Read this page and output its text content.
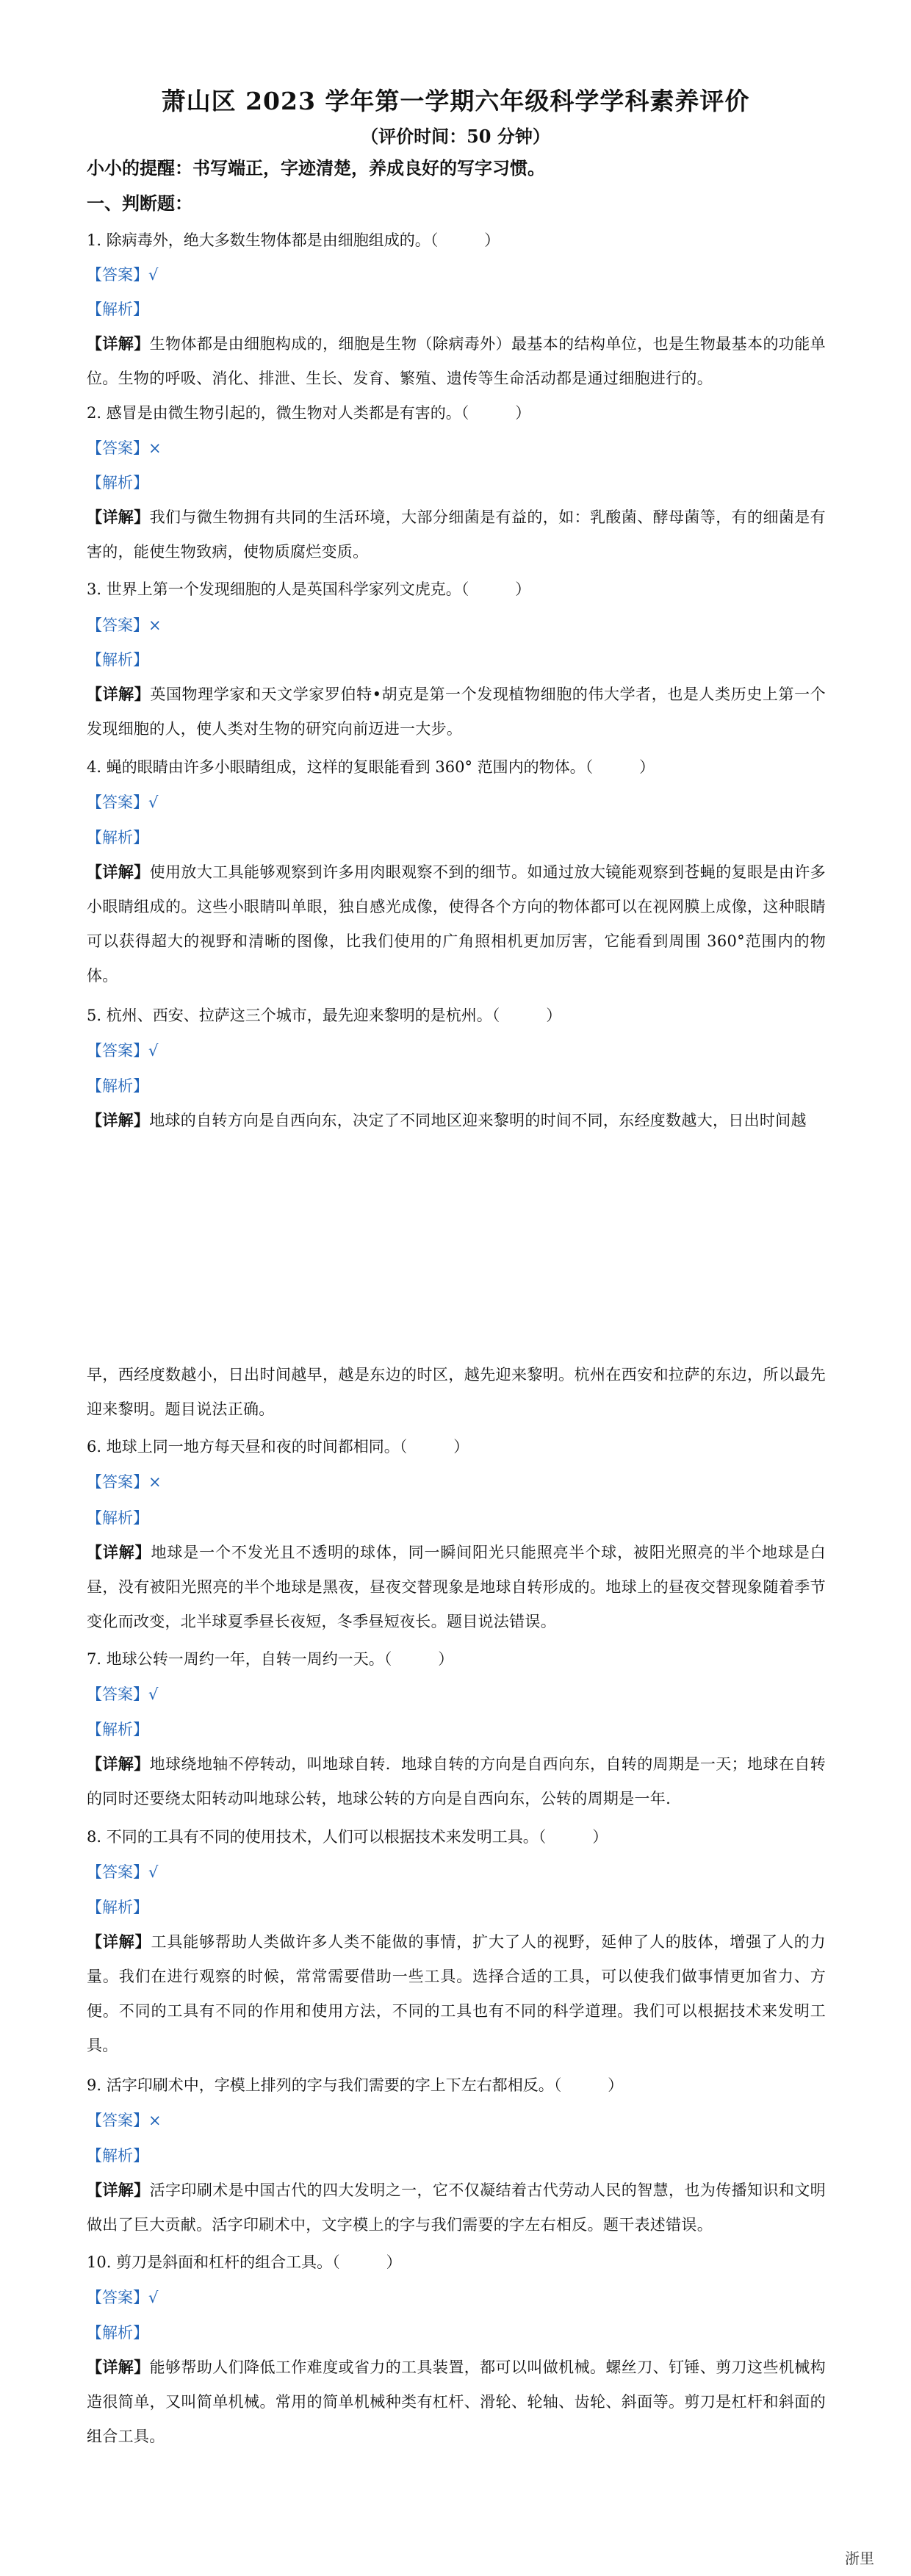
萧山区 2023 学年第一学期六年级科学学科素养评价
（评价时间：50 分钟）
小小的提醒：书写端正，字迹清楚，养成良好的写字习惯。
一、判断题：
1. 除病毒外，绝大多数生物体都是由细胞组成的。（　　　）
【答案】√
【解析】
【详解】生物体都是由细胞构成的，细胞是生物（除病毒外）最基本的结构单位，也是生物最基本的功能单位。生物的呼吸、消化、排泄、生长、发育、繁殖、遗传等生命活动都是通过细胞进行的。
2. 感冒是由微生物引起的，微生物对人类都是有害的。（　　　）
【答案】×
【解析】
【详解】我们与微生物拥有共同的生活环境，大部分细菌是有益的，如：乳酸菌、酵母菌等，有的细菌是有害的，能使生物致病，使物质腐烂变质。
3. 世界上第一个发现细胞的人是英国科学家列文虎克。（　　　）
【答案】×
【解析】
【详解】英国物理学家和天文学家罗伯特•胡克是第一个发现植物细胞的伟大学者，也是人类历史上第一个发现细胞的人，使人类对生物的研究向前迈进一大步。
4. 蝇的眼睛由许多小眼睛组成，这样的复眼能看到 360° 范围内的物体。（　　　）
【答案】√
【解析】
【详解】使用放大工具能够观察到许多用肉眼观察不到的细节。如通过放大镜能观察到苍蝇的复眼是由许多小眼睛组成的。这些小眼睛叫单眼，独自感光成像，使得各个方向的物体都可以在视网膜上成像，这种眼睛可以获得超大的视野和清晰的图像，比我们使用的广角照相机更加厉害，它能看到周围 360°范围内的物体。
5. 杭州、西安、拉萨这三个城市，最先迎来黎明的是杭州。（　　　）
【答案】√
【解析】
【详解】地球的自转方向是自西向东，决定了不同地区迎来黎明的时间不同，东经度数越大，日出时间越
早，西经度数越小，日出时间越早，越是东边的时区，越先迎来黎明。杭州在西安和拉萨的东边，所以最先迎来黎明。题目说法正确。
6. 地球上同一地方每天昼和夜的时间都相同。（　　　）
【答案】×
【解析】
【详解】地球是一个不发光且不透明的球体，同一瞬间阳光只能照亮半个球，被阳光照亮的半个地球是白昼，没有被阳光照亮的半个地球是黑夜，昼夜交替现象是地球自转形成的。地球上的昼夜交替现象随着季节变化而改变，北半球夏季昼长夜短，冬季昼短夜长。题目说法错误。
7. 地球公转一周约一年，自转一周约一天。（　　　）
【答案】√
【解析】
【详解】地球绕地轴不停转动，叫地球自转．地球自转的方向是自西向东，自转的周期是一天；地球在自转的同时还要绕太阳转动叫地球公转，地球公转的方向是自西向东，公转的周期是一年.
8. 不同的工具有不同的使用技术，人们可以根据技术来发明工具。（　　　）
【答案】√
【解析】
【详解】工具能够帮助人类做许多人类不能做的事情，扩大了人的视野，延伸了人的肢体，增强了人的力量。我们在进行观察的时候，常常需要借助一些工具。选择合适的工具，可以使我们做事情更加省力、方便。不同的工具有不同的作用和使用方法，不同的工具也有不同的科学道理。我们可以根据技术来发明工具。
9. 活字印刷术中，字模上排列的字与我们需要的字上下左右都相反。（　　　）
【答案】×
【解析】
【详解】活字印刷术是中国古代的四大发明之一，它不仅凝结着古代劳动人民的智慧，也为传播知识和文明做出了巨大贡献。活字印刷术中，文字模上的字与我们需要的字左右相反。题干表述错误。
10. 剪刀是斜面和杠杆的组合工具。（　　　）
【答案】√
【解析】
【详解】能够帮助人们降低工作难度或省力的工具装置，都可以叫做机械。螺丝刀、钉锤、剪刀这些机械构造很简单，又叫简单机械。常用的简单机械种类有杠杆、滑轮、轮轴、齿轮、斜面等。剪刀是杠杆和斜面的组合工具。
浙里
